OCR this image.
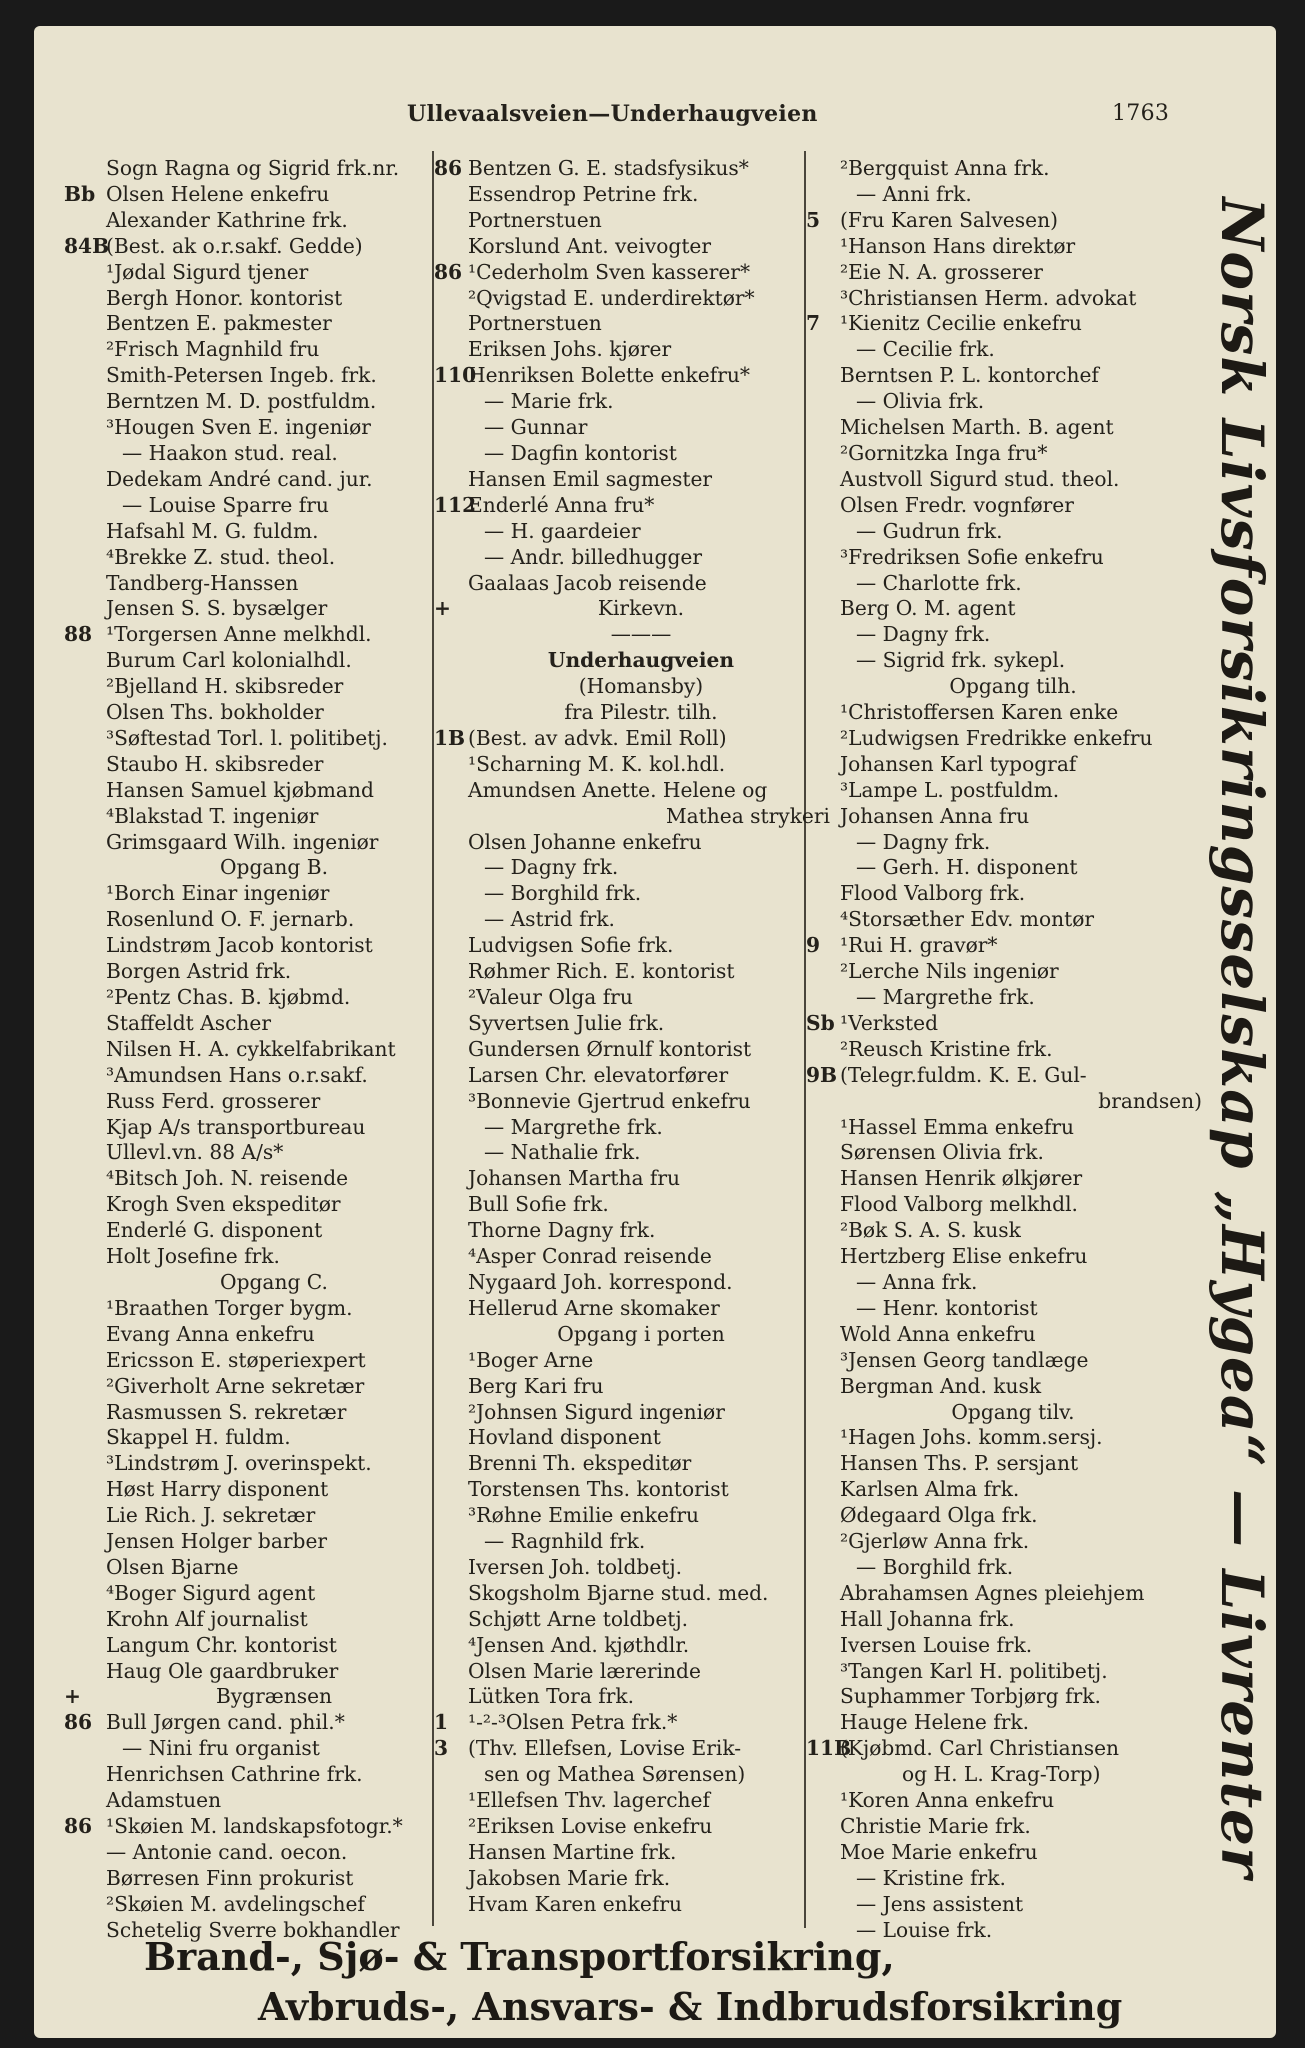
Ullevaalsveien—Underhaugveien	1763
Sogn Ragna og Sigrid frk.nr.
Bb Olsen Helene enkefru
Alexander Kathrine frk.
84B
(Best. ak o.r.sakf. Gedde)
¹Jødal Sigurd tjener
Bergh Honor. kontorist
Bentzen E. pakmester
²Frisch Magnhild fru
Smith-Petersen Ingeb. frk.
Berntzen M. D. postfuldm.
³Hougen Sven E. ingeniør
— Haakon stud. real.
Dedekam André cand. jur.
— Louise Sparre fru
Hafsahl M. G. fuldm.
⁴Brekke Z. stud. theol.
Tandberg-Hanssen
Jensen S. S. bysælger
88 ¹Torgersen Anne melkhdl.
Burum Carl kolonialhdl.
²Bjelland H. skibsreder
Olsen Ths. bokholder
³Søftestad Torl. l. politibetj.
Staubo H. skibsreder
Hansen Samuel kjøbmand
⁴Blakstad T. ingeniør
Grimsgaard Wilh. ingeniør
Opgang B.
¹Borch Einar ingeniør
Rosenlund O. F. jernarb.
Lindstrøm Jacob kontorist
Borgen Astrid frk.
²Pentz Chas. B. kjøbmd.
Staffeldt Ascher
Nilsen H. A. cykkelfabrikant
³Amundsen Hans o.r.sakf.
Russ Ferd. grosserer
Kjap A/s transportbureau
Ullevl.vn. 88 A/s*
⁴Bitsch Joh. N. reisende
Krogh Sven ekspeditør
Enderlé G. disponent
Holt Josefine frk.
Opgang C.
¹Braathen Torger bygm.
Evang Anna enkefru
Ericsson E. støperiexpert
²Giverholt Arne sekretær
Rasmussen S. rekretær
Skappel H. fuldm.
³Lindstrøm J. overinspekt.
Høst Harry disponent
Lie Rich. J. sekretær
Jensen Holger barber
Olsen Bjarne
⁴Boger Sigurd agent
Krohn Alf journalist
Langum Chr. kontorist
Haug Ole gaardbruker
+	Bygrænsen
86 Bull Jørgen cand. phil.*
— Nini fru organist
Henrichsen Cathrine frk.
Adamstuen
86 ¹Skøien M. landskapsfotogr.*
— Antonie cand. oecon.
Børresen Finn prokurist
²Skøien M. avdelingschef
Schetelig Sverre bokhandler
86 Bentzen G. E. stadsfysikus*
Essendrop Petrine frk.
Portnerstuen
Korslund Ant. veivogter
86 ¹Cederholm Sven kasserer*
²Qvigstad E. underdirektør*
Portnerstuen
Eriksen Johs. kjører
110
Henriksen Bolette enkefru*
— Marie frk.
— Gunnar
— Dagfin kontorist
Hansen Emil sagmester
112
Enderlé Anna fru*
— H. gaardeier
— Andr. billedhugger
Gaalaas Jacob reisende
+	Kirkevn.
———
Underhaugveien
(Homansby)
fra Pilestr. tilh.
1B (Best. av advk. Emil Roll)
¹Scharning M. K. kol.hdl.
Amundsen Anette. Helene og
Mathea strykeri
Olsen Johanne enkefru
— Dagny frk.
— Borghild frk.
— Astrid frk.
Ludvigsen Sofie frk.
Røhmer Rich. E. kontorist
²Valeur Olga fru
Syvertsen Julie frk.
Gundersen Ørnulf kontorist
Larsen Chr. elevatorfører
³Bonnevie Gjertrud enkefru
— Margrethe frk.
— Nathalie frk.
Johansen Martha fru
Bull Sofie frk.
Thorne Dagny frk.
⁴Asper Conrad reisende
Nygaard Joh. korrespond.
Hellerud Arne skomaker
Opgang i porten
¹Boger Arne
Berg Kari fru
²Johnsen Sigurd ingeniør
Hovland disponent
Brenni Th. ekspeditør
Torstensen Ths. kontorist
³Røhne Emilie enkefru
— Ragnhild frk.
Iversen Joh. toldbetj.
Skogsholm Bjarne stud. med.
Schjøtt Arne toldbetj.
⁴Jensen And. kjøthdlr.
Olsen Marie lærerinde
Lütken Tora frk.
1 ¹-²-³Olsen Petra frk.*
3 (Thv. Ellefsen, Lovise Erik-
sen og Mathea Sørensen)
¹Ellefsen Thv. lagerchef
²Eriksen Lovise enkefru
Hansen Martine frk.
Jakobsen Marie frk.
Hvam Karen enkefru
²Bergquist Anna frk.
— Anni frk.
5 (Fru Karen Salvesen)
¹Hanson Hans direktør
²Eie N. A. grosserer
³Christiansen Herm. advokat
7 ¹Kienitz Cecilie enkefru
— Cecilie frk.
Berntsen P. L. kontorchef
— Olivia frk.
Michelsen Marth. B. agent
²Gornitzka Inga fru*
Austvoll Sigurd stud. theol.
Olsen Fredr. vognfører
— Gudrun frk.
³Fredriksen Sofie enkefru
— Charlotte frk.
Berg O. M. agent
— Dagny frk.
— Sigrid frk. sykepl.
Opgang tilh.
¹Christoffersen Karen enke
²Ludwigsen Fredrikke enkefru
Johansen Karl typograf
³Lampe L. postfuldm.
Johansen Anna fru
— Dagny frk.
— Gerh. H. disponent
Flood Valborg frk.
⁴Storsæther Edv. montør
9 ¹Rui H. gravør*
²Lerche Nils ingeniør
— Margrethe frk.
Sb ¹Verksted
²Reusch Kristine frk.
9B (Telegr.fuldm. K. E. Gul-
brandsen)
¹Hassel Emma enkefru
Sørensen Olivia frk.
Hansen Henrik ølkjører
Flood Valborg melkhdl.
²Bøk S. A. S. kusk
Hertzberg Elise enkefru
— Anna frk.
— Henr. kontorist
Wold Anna enkefru
³Jensen Georg tandlæge
Bergman And. kusk
Opgang tilv.
¹Hagen Johs. komm.sersj.
Hansen Ths. P. sersjant
Karlsen Alma frk.
Ødegaard Olga frk.
²Gjerløw Anna frk.
— Borghild frk.
Abrahamsen Agnes pleiehjem
Hall Johanna frk.
Iversen Louise frk.
³Tangen Karl H. politibetj.
Suphammer Torbjørg frk.
Hauge Helene frk.
11B
(Kjøbmd. Carl Christiansen
og H. L. Krag-Torp)
¹Koren Anna enkefru
Christie Marie frk.
Moe Marie enkefru
— Kristine frk.
— Jens assistent
— Louise frk.
Norsk Livsforsikringsselskap „Hygea“ — Livrenter
Brand-, Sjø- & Transportforsikring,
Avbruds-, Ansvars- & Indbrudsforsikring
